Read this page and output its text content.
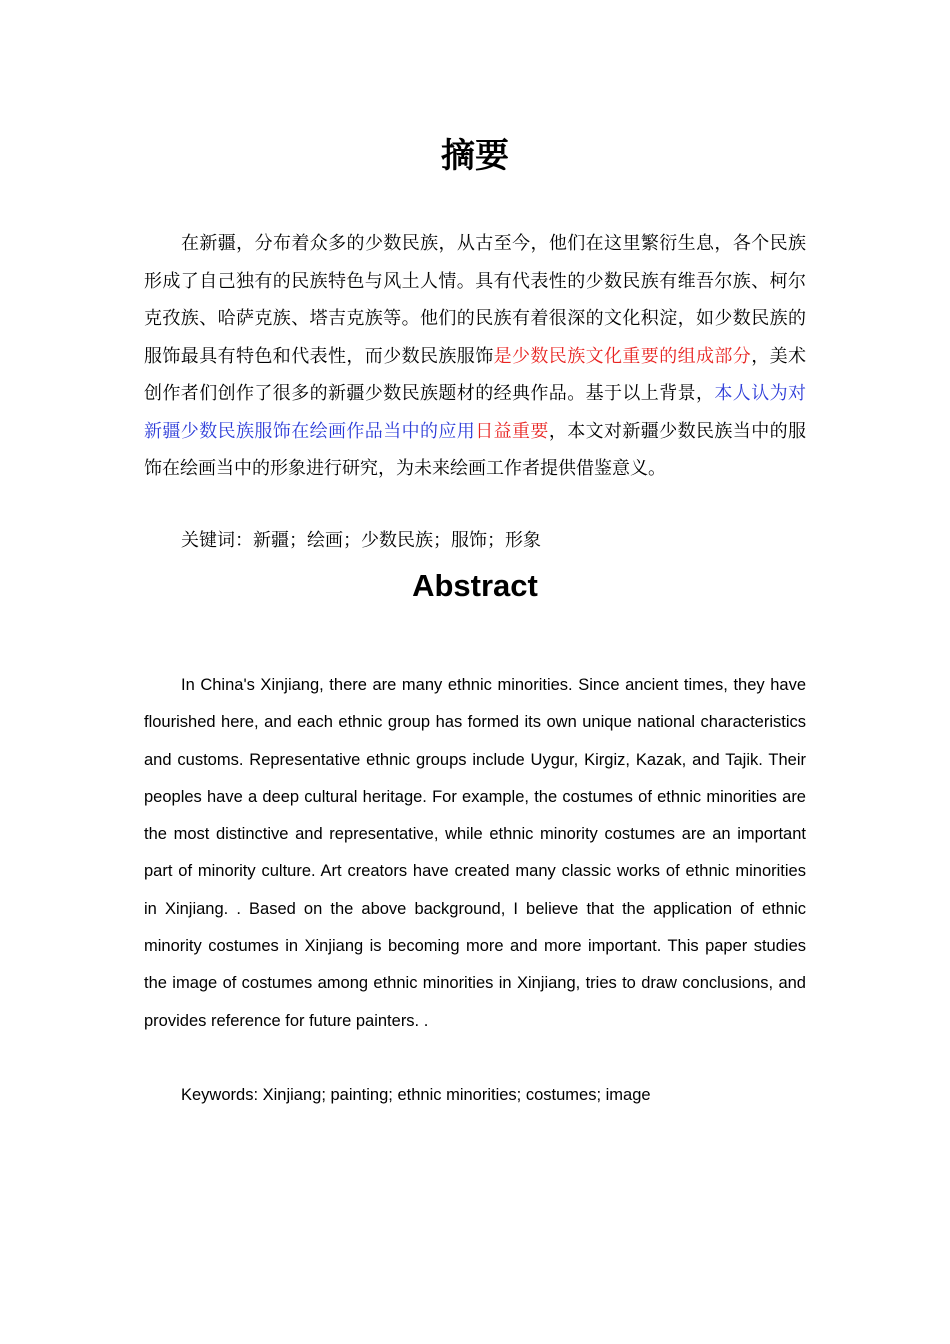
摘要

在新疆，分布着众多的少数民族，从古至今，他们在这里繁衍生息，各个民族形成了自己独有的民族特色与风土人情。具有代表性的少数民族有维吾尔族、柯尔克孜族、哈萨克族、塔吉克族等。他们的民族有着很深的文化积淀，如少数民族的服饰最具有特色和代表性，而少数民族服饰是少数民族文化重要的组成部分，美术创作者们创作了很多的新疆少数民族题材的经典作品。基于以上背景，本人认为对新疆少数民族服饰在绘画作品当中的应用日益重要，本文对新疆少数民族当中的服饰在绘画当中的形象进行研究，为未来绘画工作者提供借鉴意义。

关键词：新疆；绘画；少数民族；服饰；形象

Abstract

In China's Xinjiang, there are many ethnic minorities. Since ancient times, they have flourished here, and each ethnic group has formed its own unique national characteristics and customs. Representative ethnic groups include Uygur, Kirgiz, Kazak, and Tajik. Their peoples have a deep cultural heritage. For example, the costumes of ethnic minorities are the most distinctive and representative, while ethnic minority costumes are an important part of minority culture. Art creators have created many classic works of ethnic minorities in Xinjiang. . Based on the above background, I believe that the application of ethnic minority costumes in Xinjiang is becoming more and more important. This paper studies the image of costumes among ethnic minorities in Xinjiang, tries to draw conclusions, and provides reference for future painters. .

Keywords: Xinjiang; painting; ethnic minorities; costumes; image
